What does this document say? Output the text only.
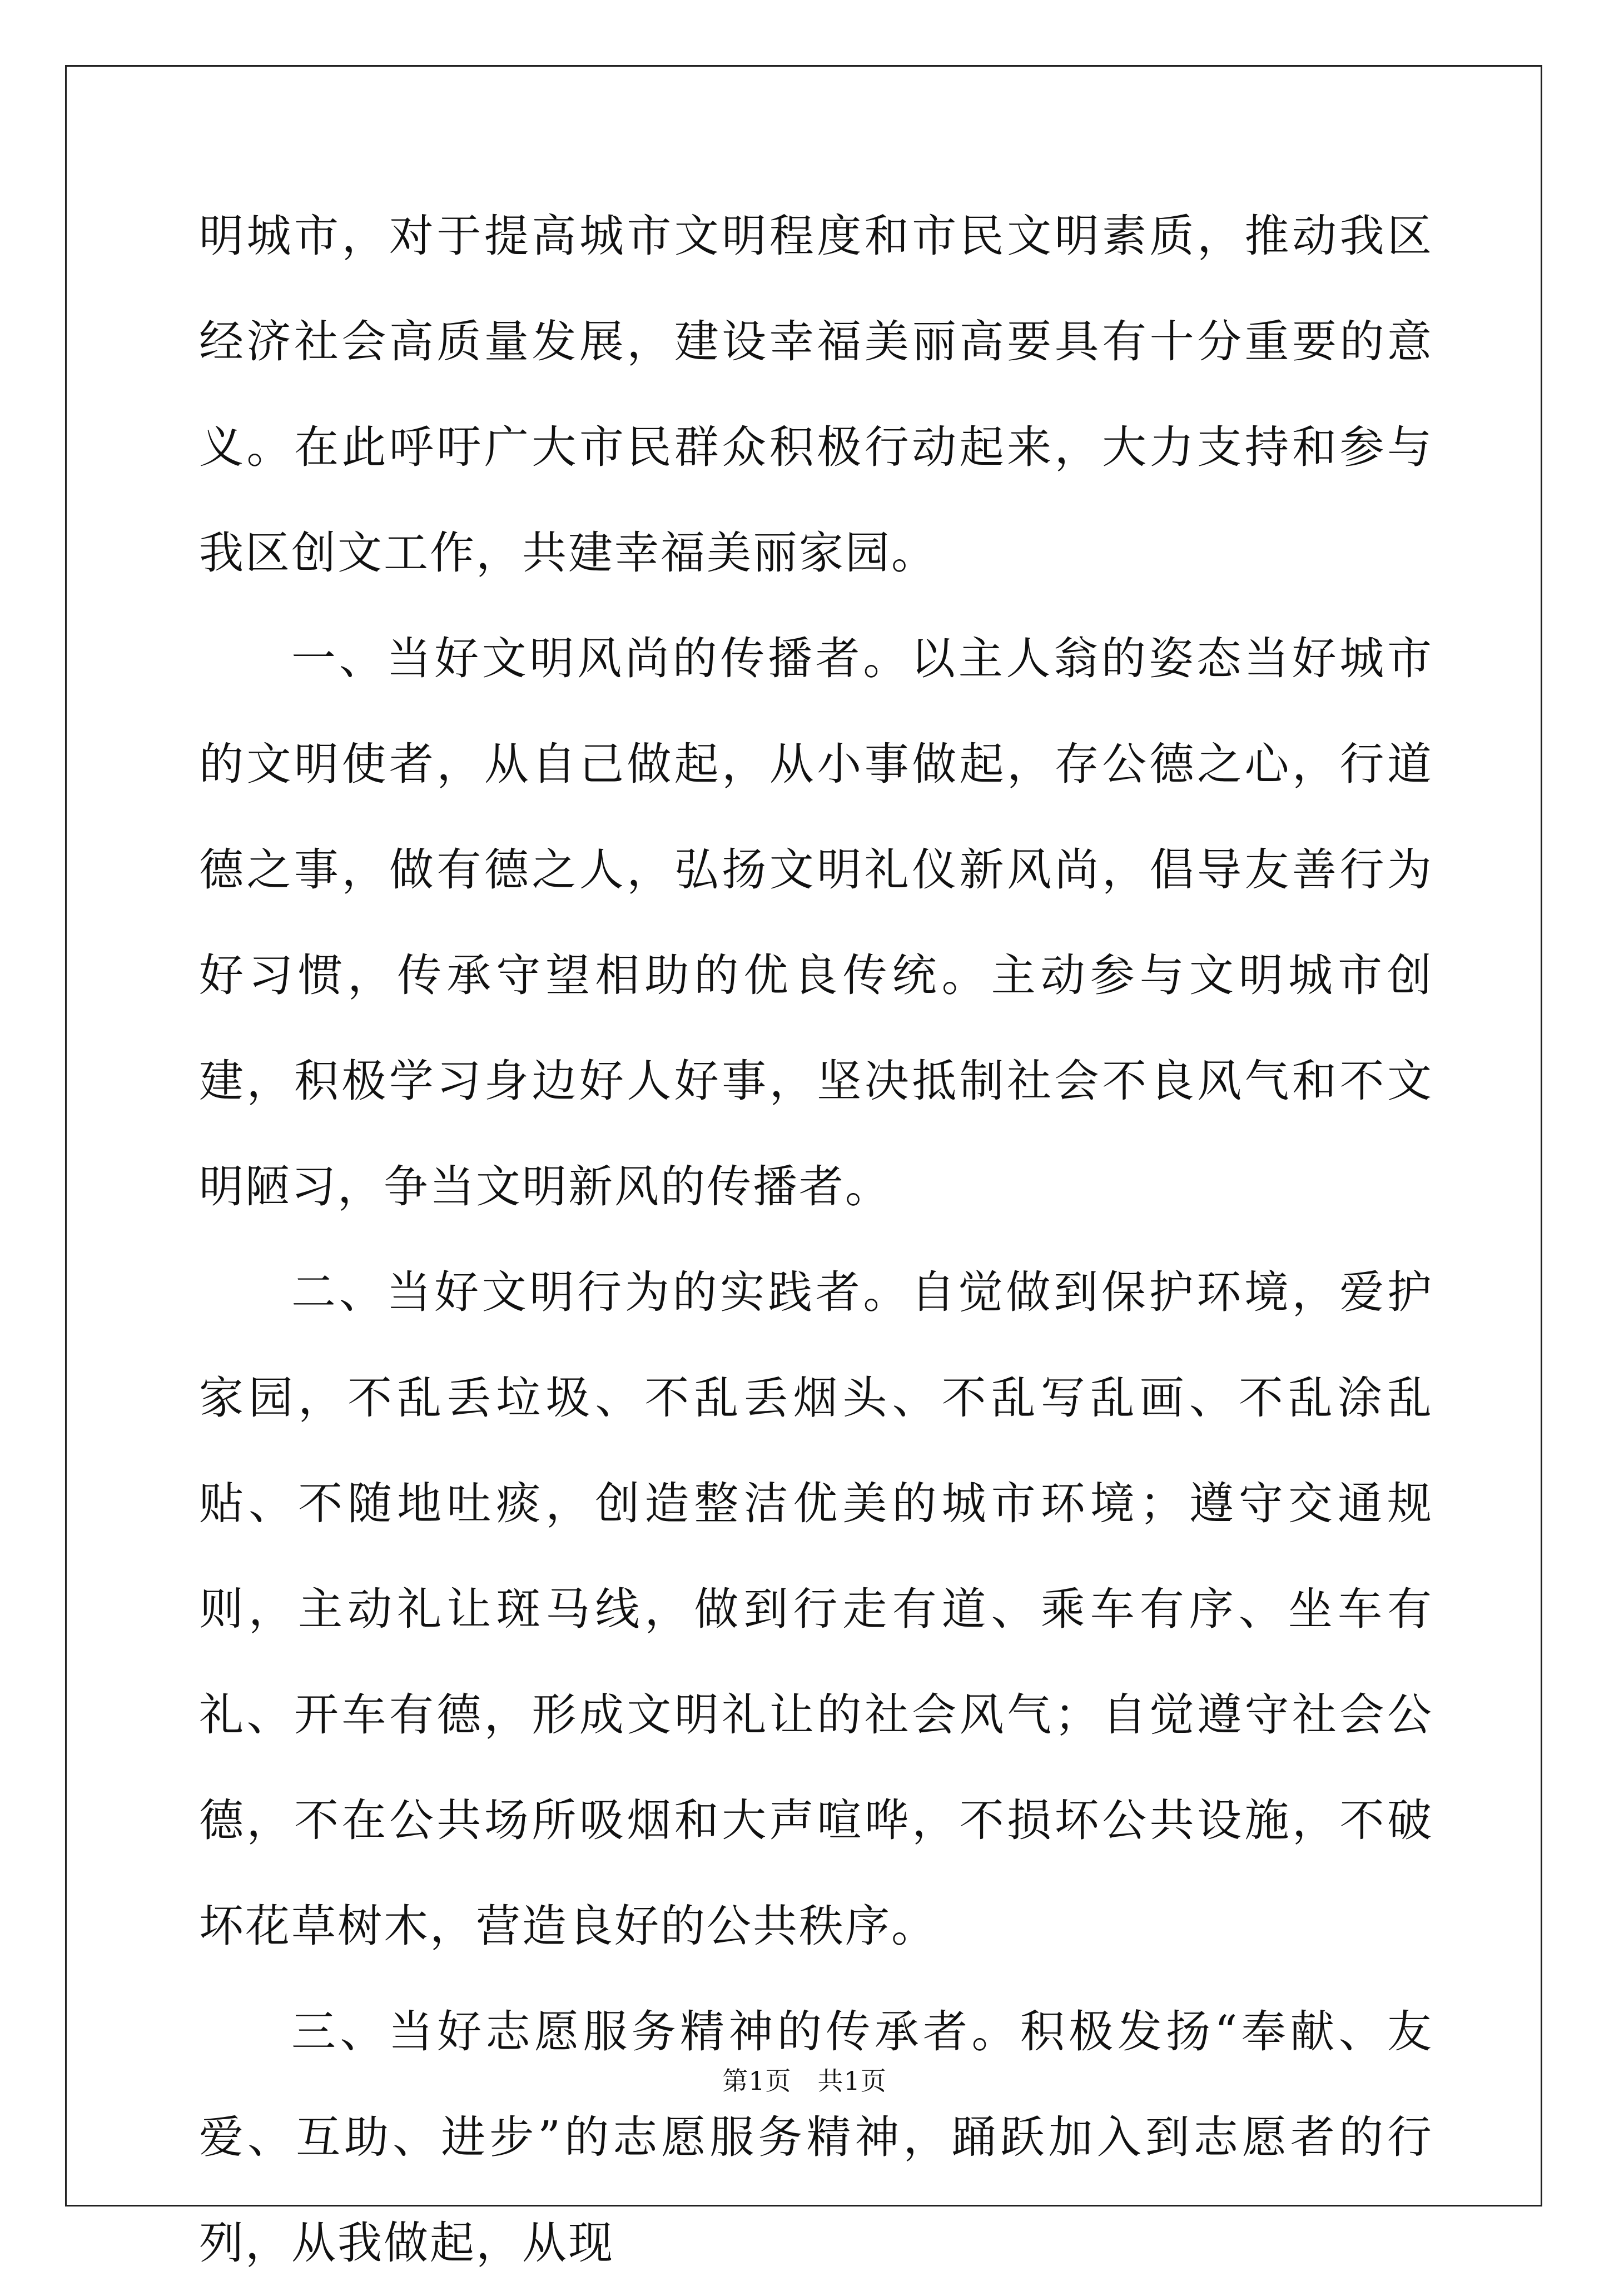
明城市，对于提高城市文明程度和市民文明素质，推动我区经济社会高质量发展，建设幸福美丽高要具有十分重要的意义。在此呼吁广大市民群众积极行动起来，大力支持和参与我区创文工作，共建幸福美丽家园。

一、当好文明风尚的传播者。以主人翁的姿态当好城市的文明使者，从自己做起，从小事做起，存公德之心，行道德之事，做有德之人，弘扬文明礼仪新风尚，倡导友善行为好习惯，传承守望相助的优良传统。主动参与文明城市创建，积极学习身边好人好事，坚决抵制社会不良风气和不文明陋习，争当文明新风的传播者。

二、当好文明行为的实践者。自觉做到保护环境，爱护家园，不乱丢垃圾、不乱丢烟头、不乱写乱画、不乱涂乱贴、不随地吐痰，创造整洁优美的城市环境；遵守交通规则，主动礼让斑马线，做到行走有道、乘车有序、坐车有礼、开车有德，形成文明礼让的社会风气；自觉遵守社会公德，不在公共场所吸烟和大声喧哗，不损坏公共设施，不破坏花草树木，营造良好的公共秩序。

三、当好志愿服务精神的传承者。积极发扬“奉献、友爱、互助、进步”的志愿服务精神，踊跃加入到志愿者的行列，从我做起，从现

第1页　共1页
